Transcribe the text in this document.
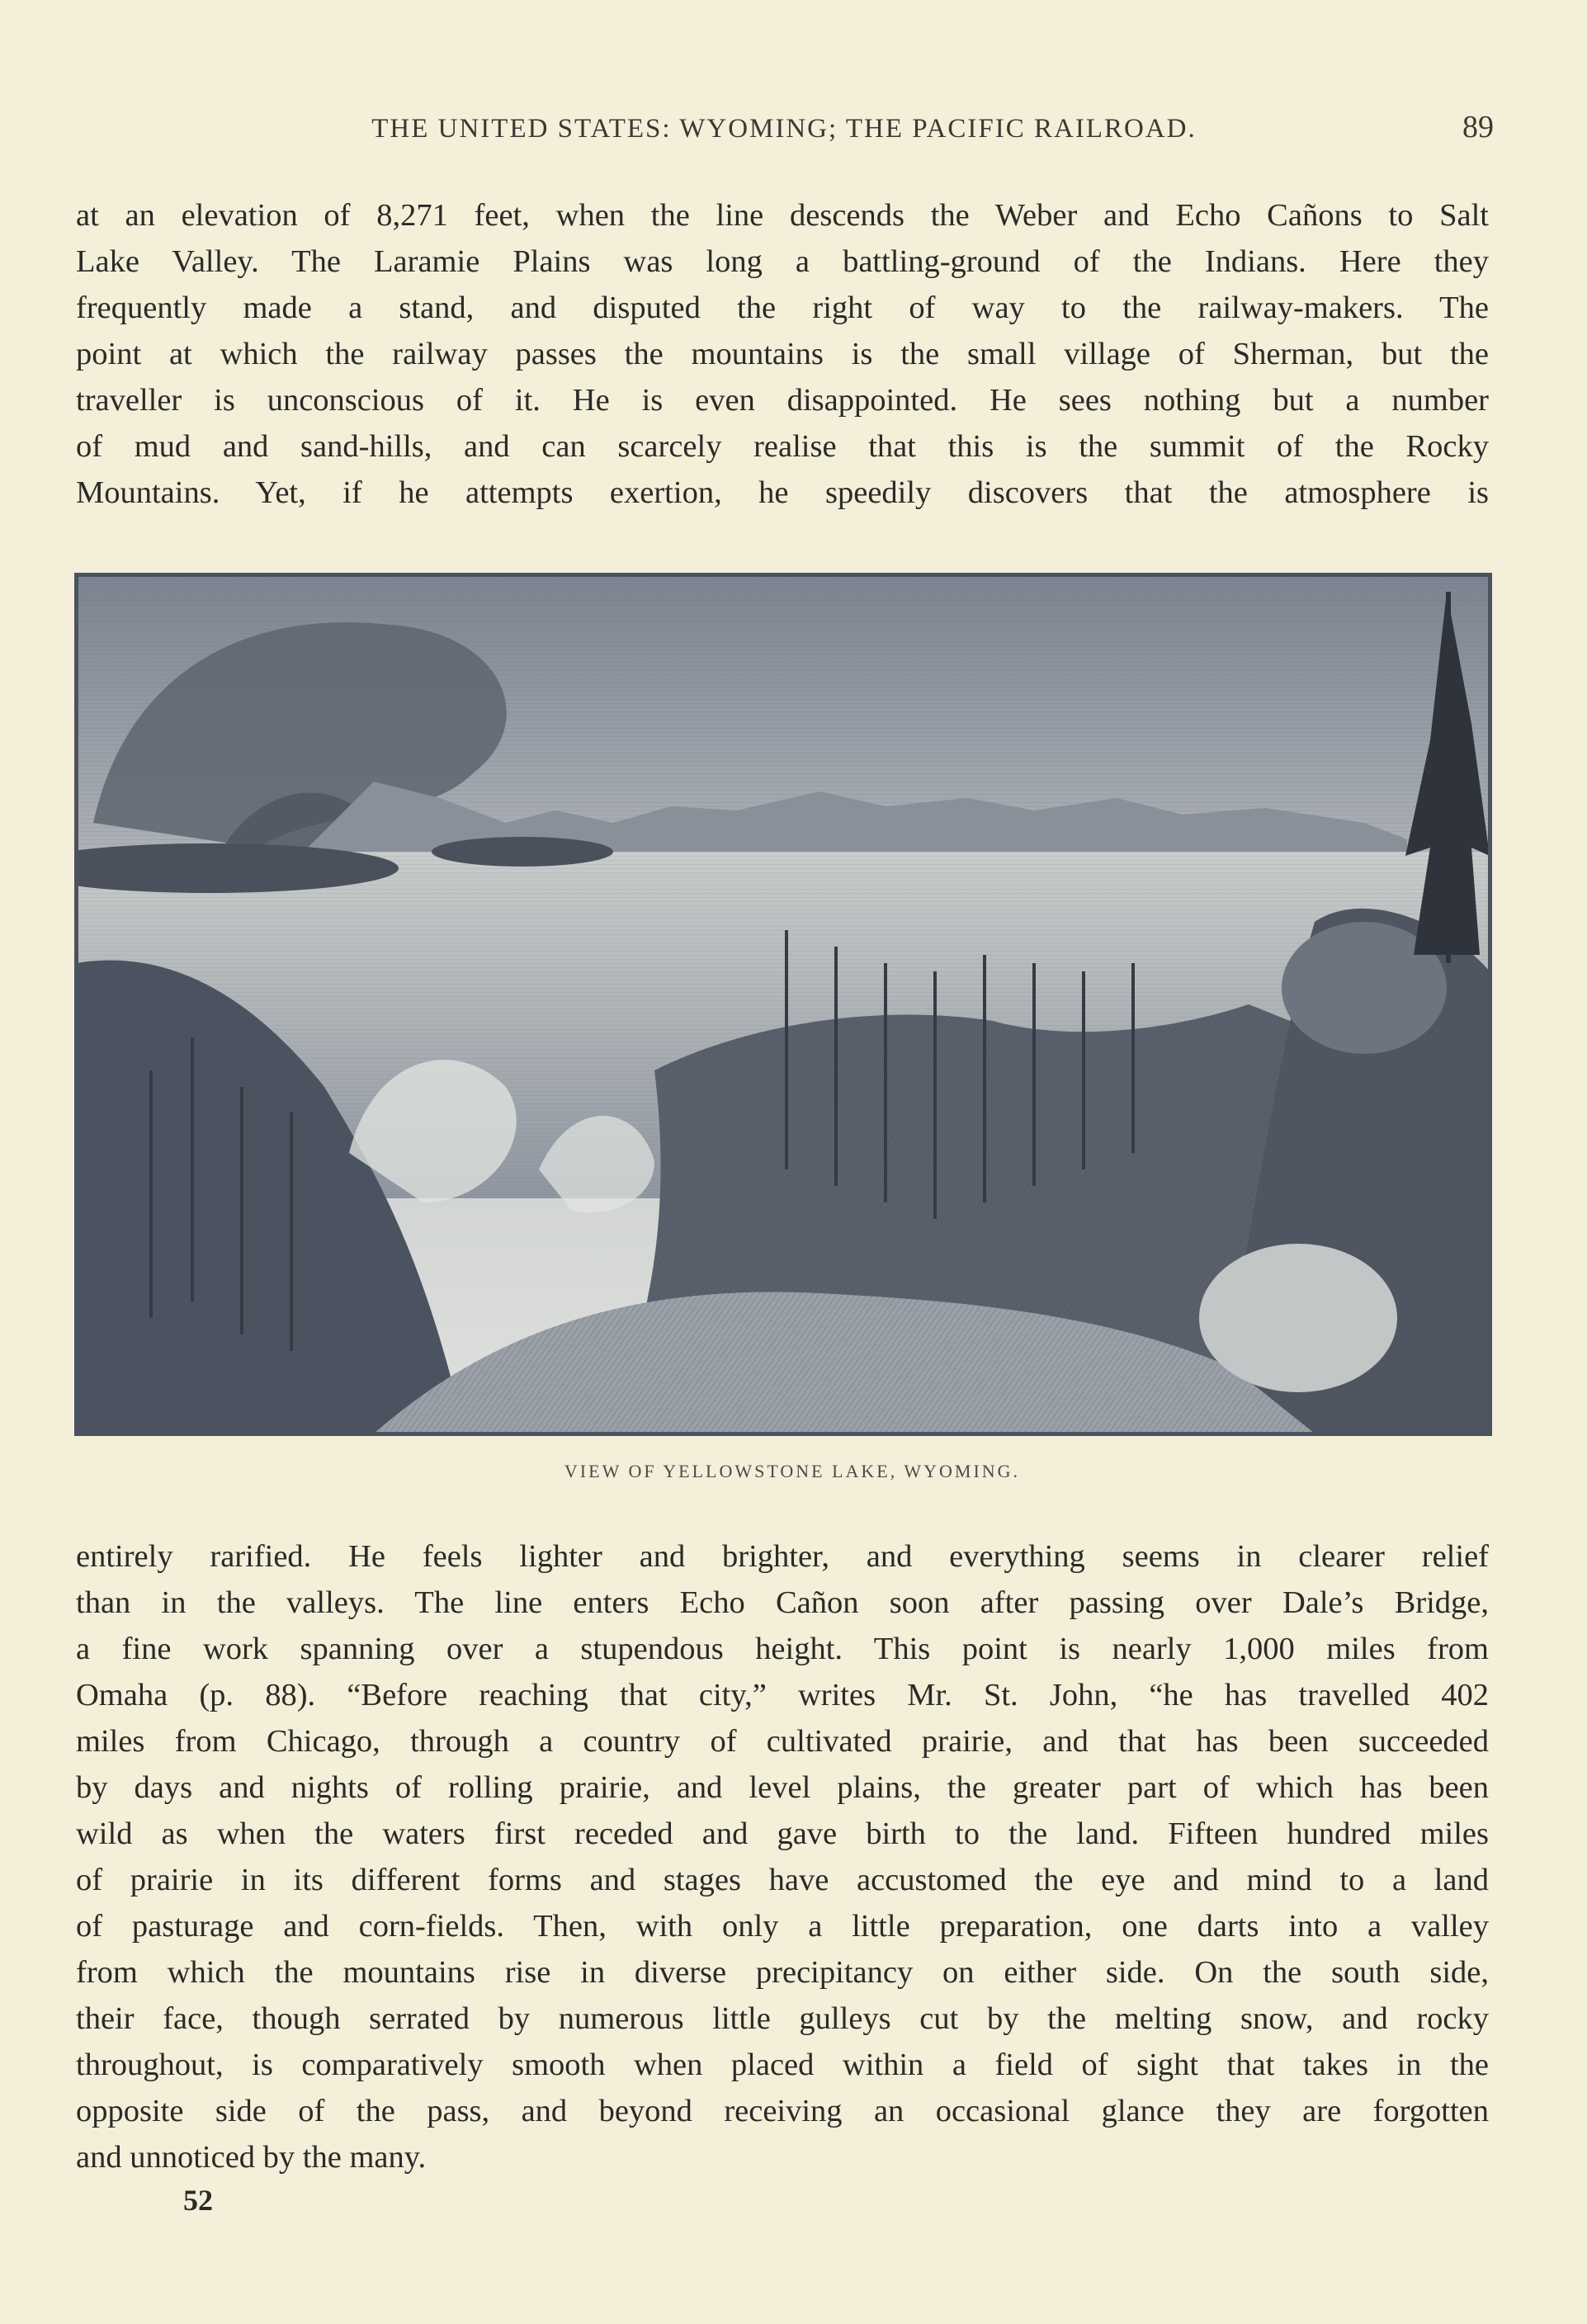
THE UNITED STATES: WYOMING; THE PACIFIC RAILROAD.	89
at an elevation of 8,271 feet, when the line descends the Weber and Echo Cañons to Salt
Lake Valley. The Laramie Plains was long a battling-ground of the Indians. Here they
frequently made a stand, and disputed the right of way to the railway-makers. The
point at which the railway passes the mountains is the small village of Sherman, but the
traveller is unconscious of it. He is even disappointed. He sees nothing but a number
of mud and sand-hills, and can scarcely realise that this is the summit of the Rocky
Mountains. Yet, if he attempts exertion, he speedily discovers that the atmosphere is
VIEW OF YELLOWSTONE LAKE, WYOMING.
entirely rarified. He feels lighter and brighter, and everything seems in clearer relief
than in the valleys. The line enters Echo Cañon soon after passing over Dale’s Bridge,
a fine work spanning over a stupendous height. This point is nearly 1,000 miles from
Omaha (p. 88). “Before reaching that city,” writes Mr. St. John, “he has travelled 402
miles from Chicago, through a country of cultivated prairie, and that has been succeeded
by days and nights of rolling prairie, and level plains, the greater part of which has been
wild as when the waters first receded and gave birth to the land. Fifteen hundred miles
of prairie in its different forms and stages have accustomed the eye and mind to a land
of pasturage and corn-fields. Then, with only a little preparation, one darts into a valley
from which the mountains rise in diverse precipitancy on either side. On the south side,
their face, though serrated by numerous little gulleys cut by the melting snow, and rocky
throughout, is comparatively smooth when placed within a field of sight that takes in the
opposite side of the pass, and beyond receiving an occasional glance they are forgotten
and unnoticed by the many.
52
